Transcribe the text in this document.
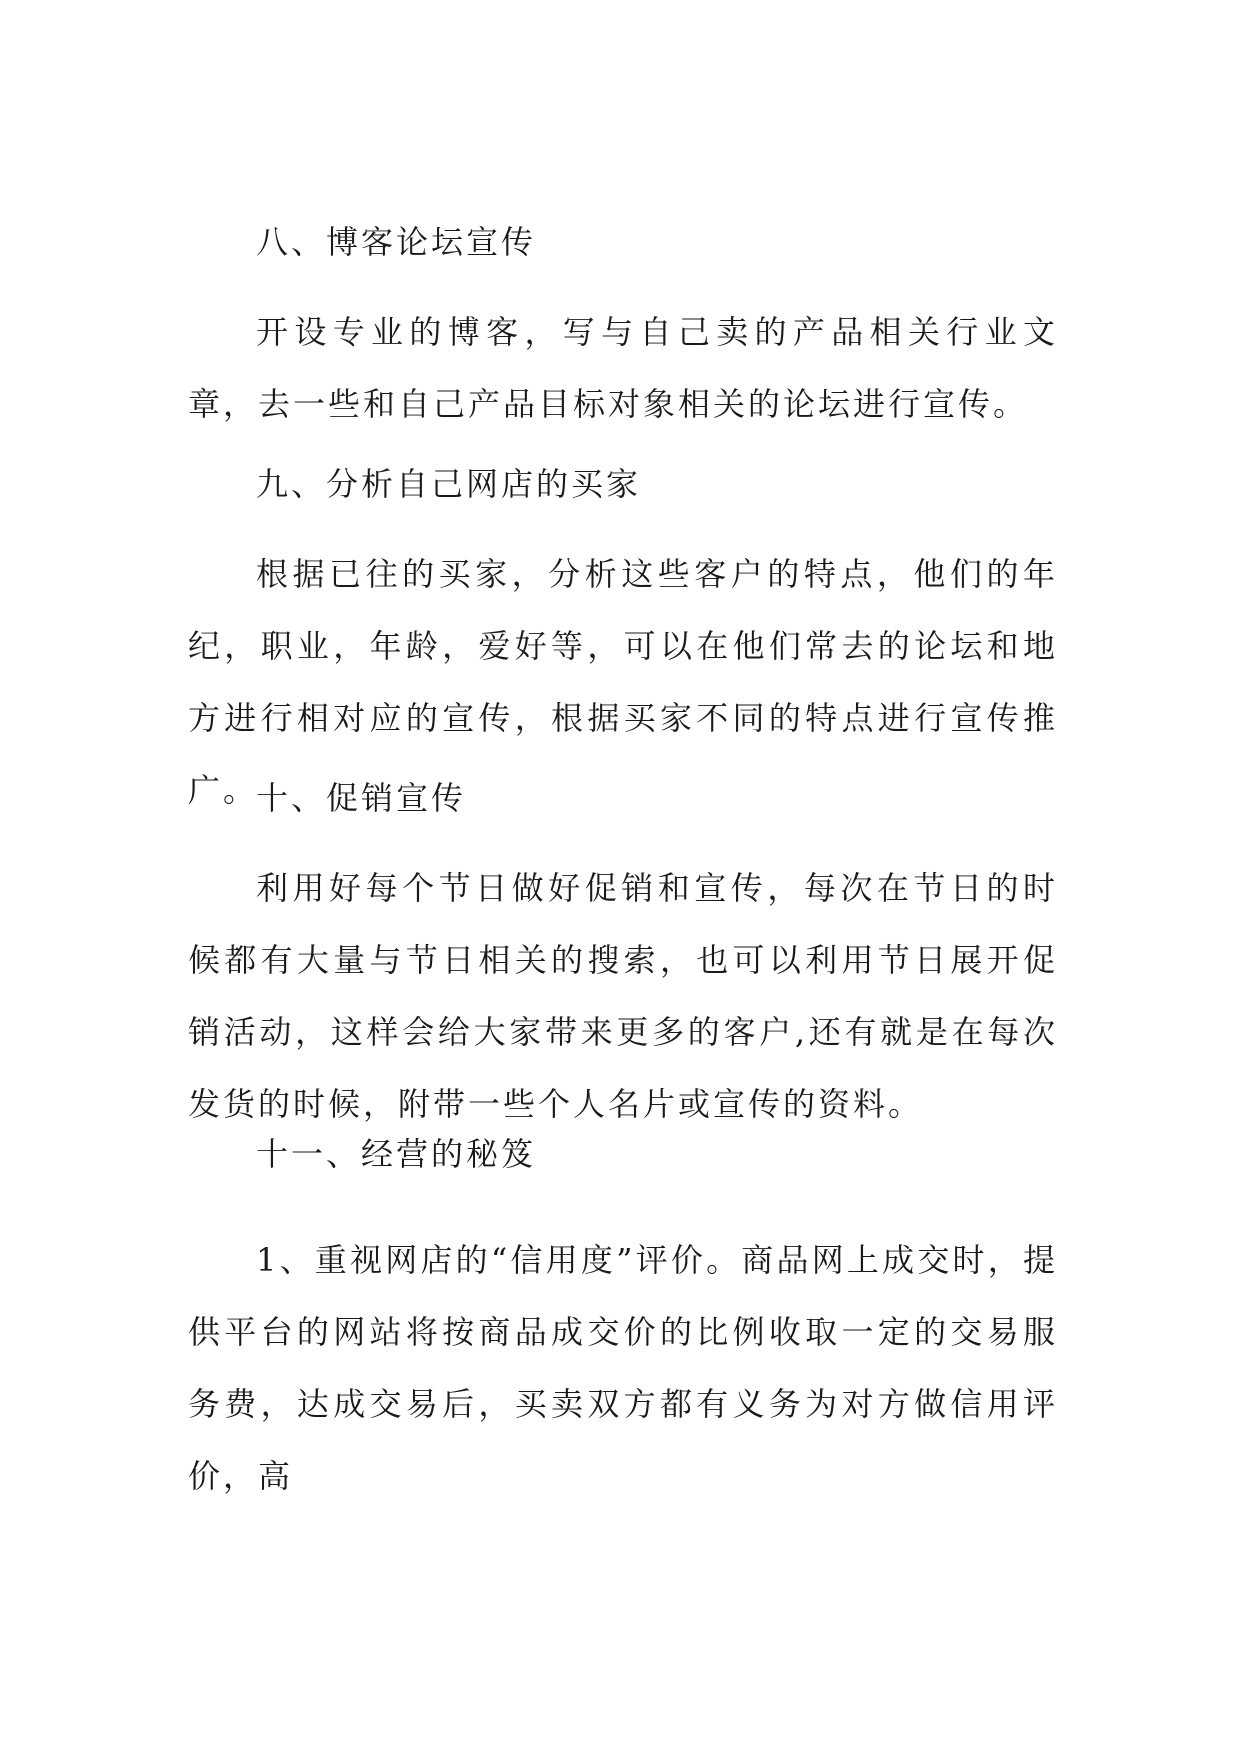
八、博客论坛宣传

开设专业的博客，写与自己卖的产品相关行业文章，去一些和自己产品目标对象相关的论坛进行宣传。

九、分析自己网店的买家

根据已往的买家，分析这些客户的特点，他们的年纪，职业，年龄，爱好等，可以在他们常去的论坛和地方进行相对应的宣传，根据买家不同的特点进行宣传推广。

十、促销宣传

利用好每个节日做好促销和宣传，每次在节日的时候都有大量与节日相关的搜索，也可以利用节日展开促销活动，这样会给大家带来更多的客户,还有就是在每次发货的时候，附带一些个人名片或宣传的资料。

十一、经营的秘笈

1、重视网店的“信用度”评价。商品网上成交时，提供平台的网站将按商品成交价的比例收取一定的交易服务费，达成交易后，买卖双方都有义务为对方做信用评价，高
